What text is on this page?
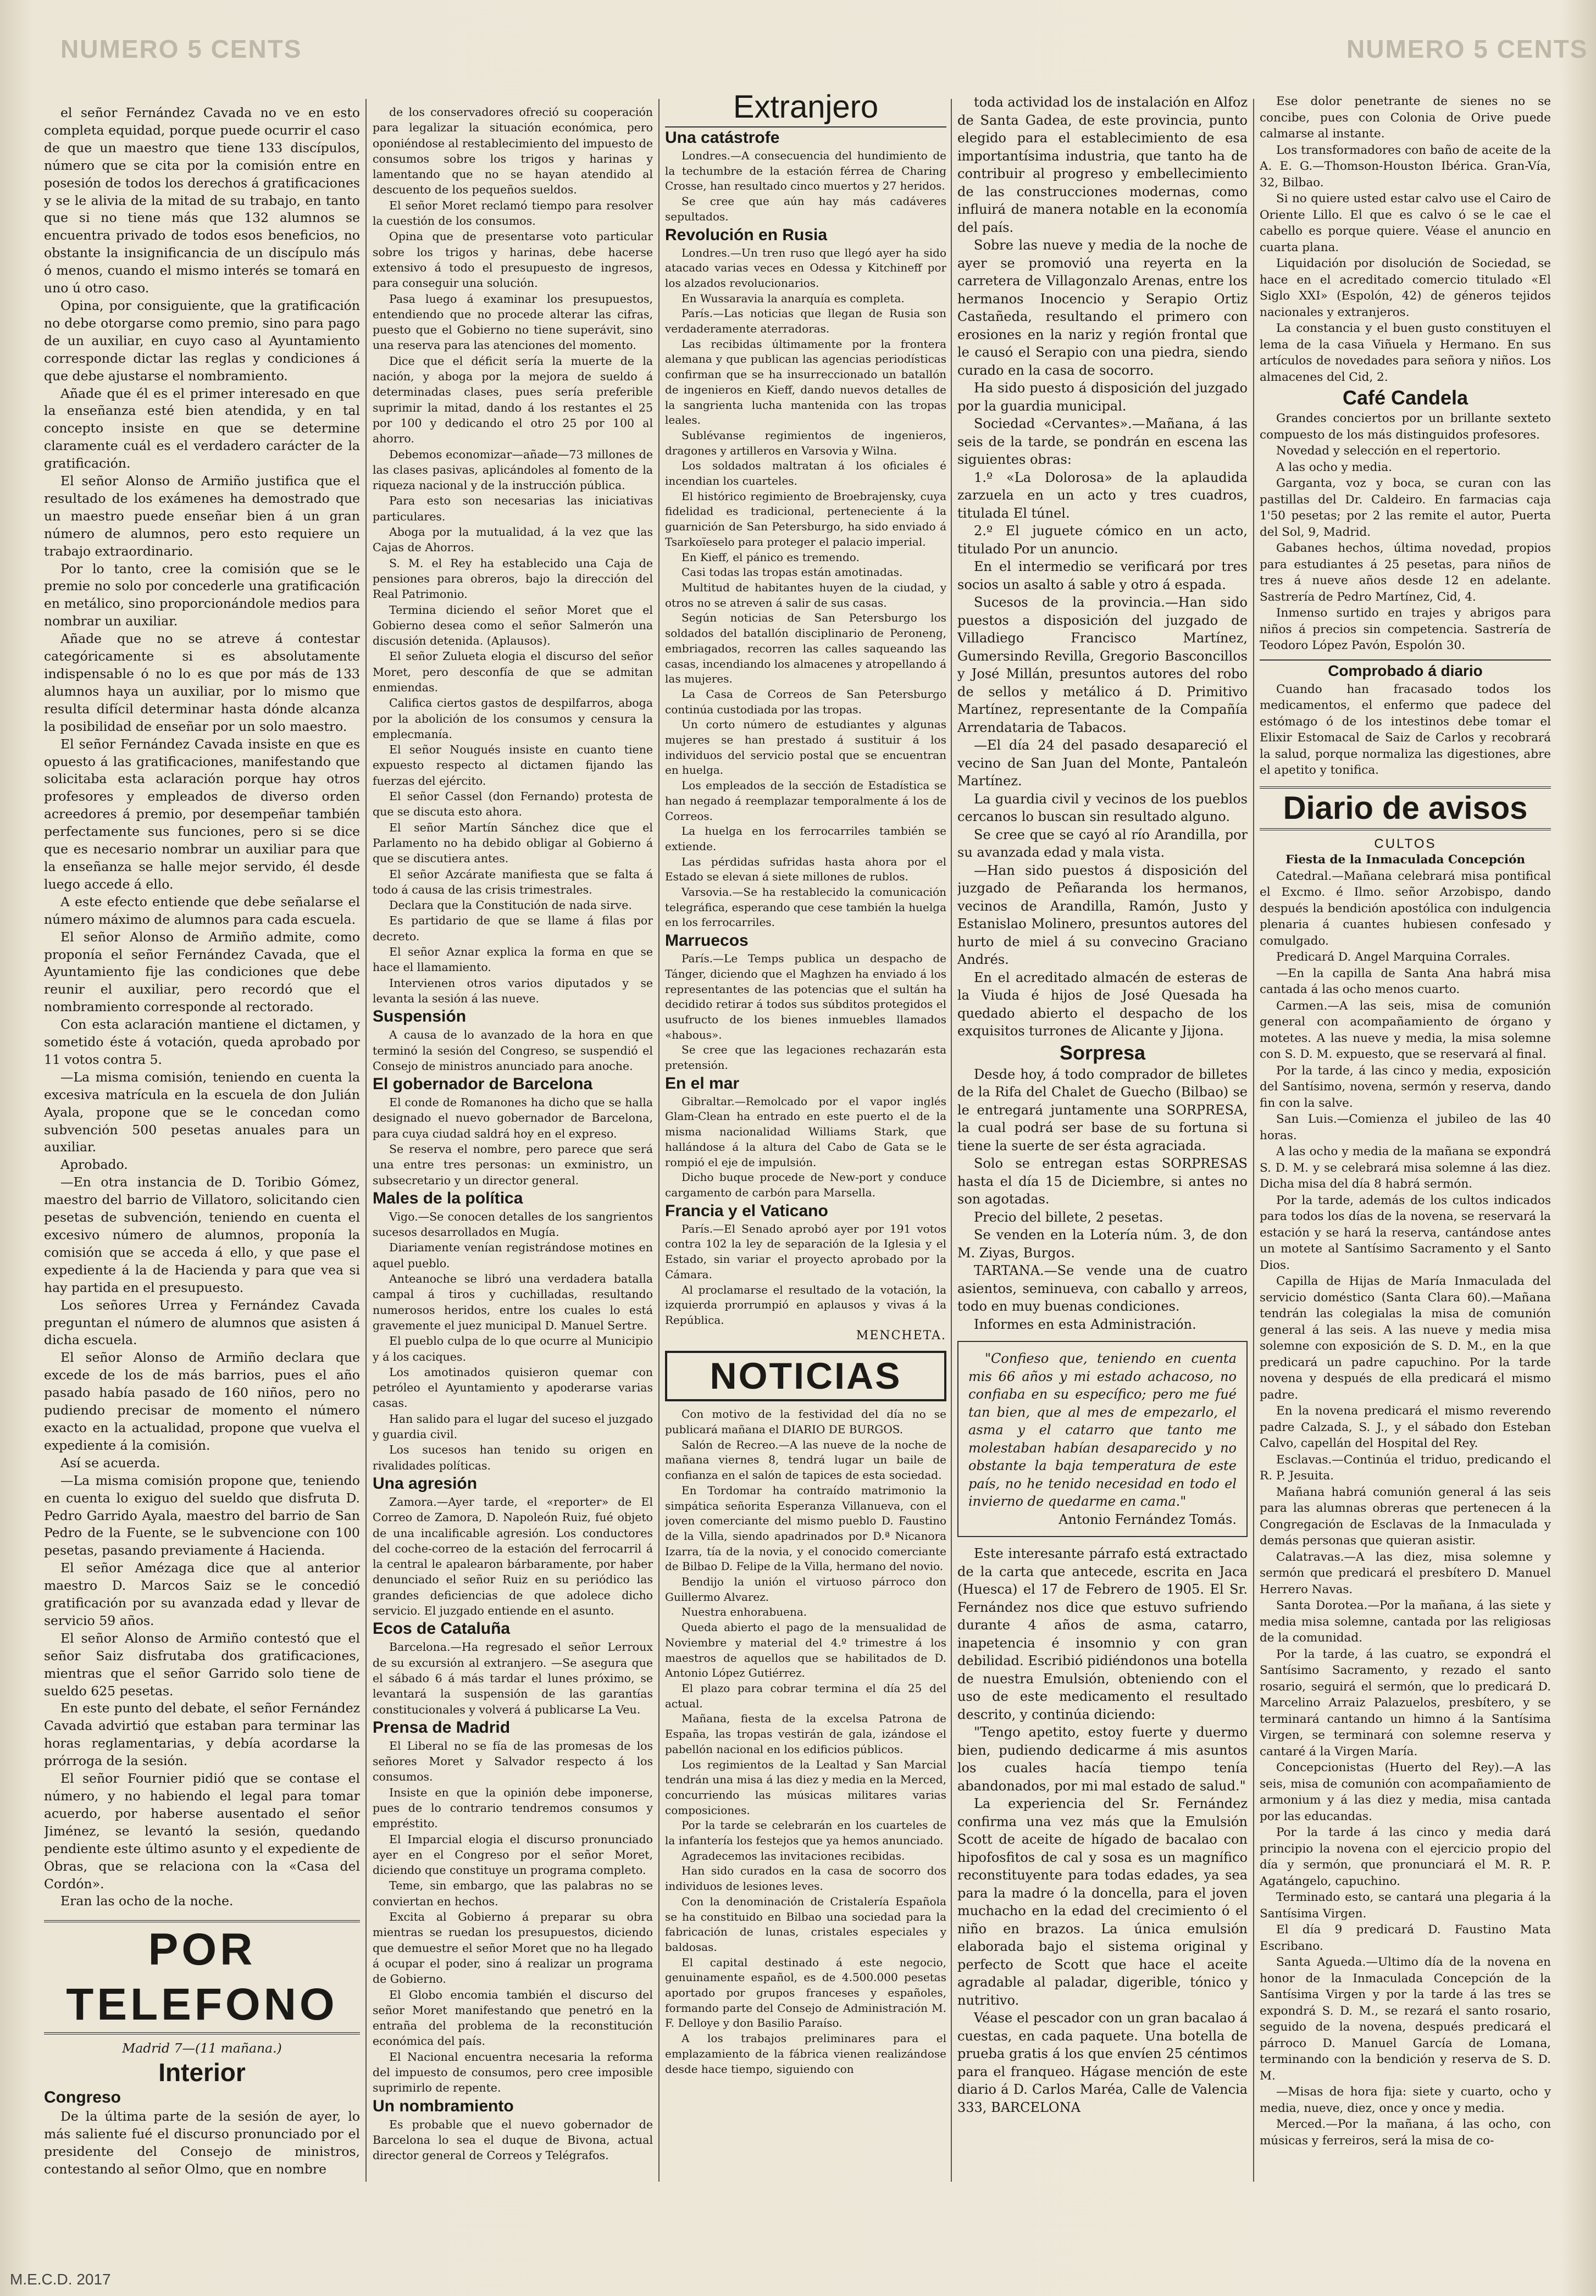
NUMERO 5 CENTS	NUMERO 5 CENTS

el señor Fernández Cavada no ve en esto completa equidad, porque puede ocurrir el caso de que un maestro que tiene 133 discípulos, número que se cita por la comisión entre en posesión de todos los derechos á gratificaciones y se le alivia de la mitad de su trabajo, en tanto que si no tiene más que 132 alumnos se encuentra privado de todos esos beneficios, no obstante la insignificancia de un discípulo más ó menos, cuando el mismo interés se tomará en uno ú otro caso.

Opina, por consiguiente, que la gratificación no debe otorgarse como premio, sino para pago de un auxiliar, en cuyo caso al Ayuntamiento corresponde dictar las reglas y condiciones á que debe ajustarse el nombramiento.

Añade que él es el primer interesado en que la enseñanza esté bien atendida, y en tal concepto insiste en que se determine claramente cuál es el verdadero carácter de la gratificación.

El señor Alonso de Armiño justifica que el resultado de los exámenes ha demostrado que un maestro puede enseñar bien á un gran número de alumnos, pero esto requiere un trabajo extraordinario.

Por lo tanto, cree la comisión que se le premie no solo por concederle una gratificación en metálico, sino proporcionándole medios para nombrar un auxiliar.

Añade que no se atreve á contestar categóricamente si es absolutamente indispensable ó no lo es que por más de 133 alumnos haya un auxiliar, por lo mismo que resulta difícil determinar hasta dónde alcanza la posibilidad de enseñar por un solo maestro.

El señor Fernández Cavada insiste en que es opuesto á las gratificaciones, manifestando que solicitaba esta aclaración porque hay otros profesores y empleados de diverso orden acreedores á premio, por desempeñar también perfectamente sus funciones, pero si se dice que es necesario nombrar un auxiliar para que la enseñanza se halle mejor servido, él desde luego accede á ello.

A este efecto entiende que debe señalarse el número máximo de alumnos para cada escuela.

El señor Alonso de Armiño admite, como proponía el señor Fernández Cavada, que el Ayuntamiento fije las condiciones que debe reunir el auxiliar, pero recordó que el nombramiento corresponde al rectorado.

Con esta aclaración mantiene el dictamen, y sometido éste á votación, queda aprobado por 11 votos contra 5.

—La misma comisión, teniendo en cuenta la excesiva matrícula en la escuela de don Julián Ayala, propone que se le concedan como subvención 500 pesetas anuales para un auxiliar.

Aprobado.

—En otra instancia de D. Toribio Gómez, maestro del barrio de Villatoro, solicitando cien pesetas de subvención, teniendo en cuenta el excesivo número de alumnos, proponía la comisión que se acceda á ello, y que pase el expediente á la de Hacienda y para que vea si hay partida en el presupuesto.

Los señores Urrea y Fernández Cavada preguntan el número de alumnos que asisten á dicha escuela.

El señor Alonso de Armiño declara que excede de los de más barrios, pues el año pasado había pasado de 160 niños, pero no pudiendo precisar de momento el número exacto en la actualidad, propone que vuelva el expediente á la comisión.

Así se acuerda.

—La misma comisión propone que, teniendo en cuenta lo exiguo del sueldo que disfruta D. Pedro Garrido Ayala, maestro del barrio de San Pedro de la Fuente, se le subvencione con 100 pesetas, pasando previamente á Hacienda.

El señor Amézaga dice que al anterior maestro D. Marcos Saiz se le concedió gratificación por su avanzada edad y llevar de servicio 59 años.

El señor Alonso de Armiño contestó que el señor Saiz disfrutaba dos gratificaciones, mientras que el señor Garrido solo tiene de sueldo 625 pesetas.

En este punto del debate, el señor Fernández Cavada advirtió que estaban para terminar las horas reglamentarias, y debía acordarse la prórroga de la sesión.

El señor Fournier pidió que se contase el número, y no habiendo el legal para tomar acuerdo, por haberse ausentado el señor Jiménez, se levantó la sesión, quedando pendiente este último asunto y el expediente de Obras, que se relaciona con la «Casa del Cordón».

Eran las ocho de la noche.

POR TELEFONO

Madrid 7—(11 mañana.)

Interior

Congreso

De la última parte de la sesión de ayer, lo más saliente fué el discurso pronunciado por el presidente del Consejo de ministros, contestando al señor Olmo, que en nombre

de los conservadores ofreció su cooperación para legalizar la situación económica, pero oponiéndose al restablecimiento del impuesto de consumos sobre los trigos y harinas y lamentando que no se hayan atendido al descuento de los pequeños sueldos.

El señor Moret reclamó tiempo para resolver la cuestión de los consumos.

Opina que de presentarse voto particular sobre los trigos y harinas, debe hacerse extensivo á todo el presupuesto de ingresos, para conseguir una solución.

Pasa luego á examinar los presupuestos, entendiendo que no procede alterar las cifras, puesto que el Gobierno no tiene superávit, sino una reserva para las atenciones del momento.

Dice que el déficit sería la muerte de la nación, y aboga por la mejora de sueldo á determinadas clases, pues sería preferible suprimir la mitad, dando á los restantes el 25 por 100 y dedicando el otro 25 por 100 al ahorro.

Debemos economizar—añade—73 millones de las clases pasivas, aplicándoles al fomento de la riqueza nacional y de la instrucción pública.

Para esto son necesarias las iniciativas particulares.

Aboga por la mutualidad, á la vez que las Cajas de Ahorros.

S. M. el Rey ha establecido una Caja de pensiones para obreros, bajo la dirección del Real Patrimonio.

Termina diciendo el señor Moret que el Gobierno desea como el señor Salmerón una discusión detenida. (Aplausos).

El señor Zulueta elogia el discurso del señor Moret, pero desconfía de que se admitan enmiendas.

Califica ciertos gastos de despilfarros, aboga por la abolición de los consumos y censura la emplecmanía.

El señor Nougués insiste en cuanto tiene expuesto respecto al dictamen fijando las fuerzas del ejército.

El señor Cassel (don Fernando) protesta de que se discuta esto ahora.

El señor Martín Sánchez dice que el Parlamento no ha debido obligar al Gobierno á que se discutiera antes.

El señor Azcárate manifiesta que se falta á todo á causa de las crisis trimestrales.

Declara que la Constitución de nada sirve.

Es partidario de que se llame á filas por decreto.

El señor Aznar explica la forma en que se hace el llamamiento.

Intervienen otros varios diputados y se levanta la sesión á las nueve.

Suspensión

A causa de lo avanzado de la hora en que terminó la sesión del Congreso, se suspendió el Consejo de ministros anunciado para anoche.

El gobernador de Barcelona

El conde de Romanones ha dicho que se halla designado el nuevo gobernador de Barcelona, para cuya ciudad saldrá hoy en el expreso.

Se reserva el nombre, pero parece que será una entre tres personas: un exministro, un subsecretario y un director general.

Males de la política

Vigo.—Se conocen detalles de los sangrientos sucesos desarrollados en Mugía.

Diariamente venían registrándose motines en aquel pueblo.

Anteanoche se libró una verdadera batalla campal á tiros y cuchilladas, resultando numerosos heridos, entre los cuales lo está gravemente el juez municipal D. Manuel Sertre.

El pueblo culpa de lo que ocurre al Municipio y á los caciques.

Los amotinados quisieron quemar con petróleo el Ayuntamiento y apoderarse varias casas.

Han salido para el lugar del suceso el juzgado y guardia civil.

Los sucesos han tenido su origen en rivalidades políticas.

Una agresión

Zamora.—Ayer tarde, el «reporter» de El Correo de Zamora, D. Napoleón Ruiz, fué objeto de una incalificable agresión. Los conductores del coche-correo de la estación del ferrocarril á la central le apalearon bárbaramente, por haber denunciado el señor Ruiz en su periódico las grandes deficiencias de que adolece dicho servicio. El juzgado entiende en el asunto.

Ecos de Cataluña

Barcelona.—Ha regresado el señor Lerroux de su excursión al extranjero. —Se asegura que el sábado 6 á más tardar el lunes próximo, se levantará la suspensión de las garantías constitucionales y volverá á publicarse La Veu.

Prensa de Madrid

El Liberal no se fía de las promesas de los señores Moret y Salvador respecto á los consumos.

Insiste en que la opinión debe imponerse, pues de lo contrario tendremos consumos y empréstito.

El Imparcial elogia el discurso pronunciado ayer en el Congreso por el señor Moret, diciendo que constituye un programa completo.

Teme, sin embargo, que las palabras no se conviertan en hechos.

Excita al Gobierno á preparar su obra mientras se ruedan los presupuestos, diciendo que demuestre el señor Moret que no ha llegado á ocupar el poder, sino á realizar un programa de Gobierno.

El Globo encomia también el discurso del señor Moret manifestando que penetró en la entraña del problema de la reconstitución económica del país.

El Nacional encuentra necesaria la reforma del impuesto de consumos, pero cree imposible suprimirlo de repente.

Un nombramiento

Es probable que el nuevo gobernador de Barcelona lo sea el duque de Bivona, actual director general de Correos y Telégrafos.

Extranjero

Una catástrofe

Londres.—A consecuencia del hundimiento de la techumbre de la estación férrea de Charing Crosse, han resultado cinco muertos y 27 heridos.

Se cree que aún hay más cadáveres sepultados.

Revolución en Rusia

Londres.—Un tren ruso que llegó ayer ha sido atacado varias veces en Odessa y Kitchineff por los alzados revolucionarios.

En Wussaravia la anarquía es completa.

París.—Las noticias que llegan de Rusia son verdaderamente aterradoras.

Las recibidas últimamente por la frontera alemana y que publican las agencias periodísticas confirman que se ha insurreccionado un batallón de ingenieros en Kieff, dando nuevos detalles de la sangrienta lucha mantenida con las tropas leales.

Sublévanse regimientos de ingenieros, dragones y artilleros en Varsovia y Wilna.

Los soldados maltratan á los oficiales é incendian los cuarteles.

El histórico regimiento de Broebrajensky, cuya fidelidad es tradicional, perteneciente á la guarnición de San Petersburgo, ha sido enviado á Tsarkoïeselo para proteger el palacio imperial.

En Kieff, el pánico es tremendo.

Casi todas las tropas están amotinadas.

Multitud de habitantes huyen de la ciudad, y otros no se atreven á salir de sus casas.

Según noticias de San Petersburgo los soldados del batallón disciplinario de Peroneng, embriagados, recorren las calles saqueando las casas, incendiando los almacenes y atropellando á las mujeres.

La Casa de Correos de San Petersburgo continúa custodiada por las tropas.

Un corto número de estudiantes y algunas mujeres se han prestado á sustituir á los individuos del servicio postal que se encuentran en huelga.

Los empleados de la sección de Estadística se han negado á reemplazar temporalmente á los de Correos.

La huelga en los ferrocarriles también se extiende.

Las pérdidas sufridas hasta ahora por el Estado se elevan á siete millones de rublos.

Varsovia.—Se ha restablecido la comunicación telegráfica, esperando que cese también la huelga en los ferrocarriles.

Marruecos

París.—Le Temps publica un despacho de Tánger, diciendo que el Maghzen ha enviado á los representantes de las potencias que el sultán ha decidido retirar á todos sus súbditos protegidos el usufructo de los bienes inmuebles llamados «habous».

Se cree que las legaciones rechazarán esta pretensión.

En el mar

Gibraltar.—Remolcado por el vapor inglés Glam-Clean ha entrado en este puerto el de la misma nacionalidad Williams Stark, que hallándose á la altura del Cabo de Gata se le rompió el eje de impulsión.

Dicho buque procede de New-port y conduce cargamento de carbón para Marsella.

Francia y el Vaticano

París.—El Senado aprobó ayer por 191 votos contra 102 la ley de separación de la Iglesia y el Estado, sin variar el proyecto aprobado por la Cámara.

Al proclamarse el resultado de la votación, la izquierda prorrumpió en aplausos y vivas á la República.

MENCHETA.

NOTICIAS

Con motivo de la festividad del día no se publicará mañana el DIARIO DE BURGOS.

Salón de Recreo.—A las nueve de la noche de mañana viernes 8, tendrá lugar un baile de confianza en el salón de tapices de esta sociedad.

En Tordomar ha contraído matrimonio la simpática señorita Esperanza Villanueva, con el joven comerciante del mismo pueblo D. Faustino de la Villa, siendo apadrinados por D.ª Nicanora Izarra, tía de la novia, y el conocido comerciante de Bilbao D. Felipe de la Villa, hermano del novio.

Bendijo la unión el virtuoso párroco don Guillermo Alvarez.

Nuestra enhorabuena.

Queda abierto el pago de la mensualidad de Noviembre y material del 4.º trimestre á los maestros de aquellos que se habilitados de D. Antonio López Gutiérrez.

El plazo para cobrar termina el día 25 del actual.

Mañana, fiesta de la excelsa Patrona de España, las tropas vestirán de gala, izándose el pabellón nacional en los edificios públicos.

Los regimientos de la Lealtad y San Marcial tendrán una misa á las diez y media en la Merced, concurriendo las músicas militares varias composiciones.

Por la tarde se celebrarán en los cuarteles de la infantería los festejos que ya hemos anunciado.

Agradecemos las invitaciones recibidas.

Han sido curados en la casa de socorro dos individuos de lesiones leves.

Con la denominación de Cristalería Española se ha constituido en Bilbao una sociedad para la fabricación de lunas, cristales especiales y baldosas.

El capital destinado á este negocio, genuinamente español, es de 4.500.000 pesetas aportado por grupos franceses y españoles, formando parte del Consejo de Administración M. F. Delloye y don Basilio Paraíso.

A los trabajos preliminares para el emplazamiento de la fábrica vienen realizándose desde hace tiempo, siguiendo con

toda actividad los de instalación en Alfoz de Santa Gadea, de este provincia, punto elegido para el establecimiento de esa importantísima industria, que tanto ha de contribuir al progreso y embellecimiento de las construcciones modernas, como influirá de manera notable en la economía del país.

Sobre las nueve y media de la noche de ayer se promovió una reyerta en la carretera de Villagonzalo Arenas, entre los hermanos Inocencio y Serapio Ortiz Castañeda, resultando el primero con erosiones en la nariz y región frontal que le causó el Serapio con una piedra, siendo curado en la casa de socorro.

Ha sido puesto á disposición del juzgado por la guardia municipal.

Sociedad «Cervantes».—Mañana, á las seis de la tarde, se pondrán en escena las siguientes obras:

1.º «La Dolorosa» de la aplaudida zarzuela en un acto y tres cuadros, titulada El túnel.

2.º El juguete cómico en un acto, titulado Por un anuncio.

En el intermedio se verificará por tres socios un asalto á sable y otro á espada.

Sucesos de la provincia.—Han sido puestos a disposición del juzgado de Villadiego Francisco Martínez, Gumersindo Revilla, Gregorio Basconcillos y José Millán, presuntos autores del robo de sellos y metálico á D. Primitivo Martínez, representante de la Compañía Arrendataria de Tabacos.

—El día 24 del pasado desapareció el vecino de San Juan del Monte, Pantaleón Martínez.

La guardia civil y vecinos de los pueblos cercanos lo buscan sin resultado alguno.

Se cree que se cayó al río Arandilla, por su avanzada edad y mala vista.

—Han sido puestos á disposición del juzgado de Peñaranda los hermanos, vecinos de Arandilla, Ramón, Justo y Estanislao Molinero, presuntos autores del hurto de miel á su convecino Graciano Andrés.

En el acreditado almacén de esteras de la Viuda é hijos de José Quesada ha quedado abierto el despacho de los exquisitos turrones de Alicante y Jijona.

Sorpresa

Desde hoy, á todo comprador de billetes de la Rifa del Chalet de Guecho (Bilbao) se le entregará juntamente una SORPRESA, la cual podrá ser base de su fortuna si tiene la suerte de ser ésta agraciada.

Solo se entregan estas SORPRESAS hasta el día 15 de Diciembre, si antes no son agotadas.

Precio del billete, 2 pesetas.

Se venden en la Lotería núm. 3, de don M. Ziyas, Burgos.

TARTANA.—Se vende una de cuatro asientos, seminueva, con caballo y arreos, todo en muy buenas condiciones.

Informes en esta Administración.

"Confieso que, teniendo en cuenta mis 66 años y mi estado achacoso, no confiaba en su específico; pero me fué tan bien, que al mes de empezarlo, el asma y el catarro que tanto me molestaban habían desaparecido y no obstante la baja temperatura de este país, no he tenido necesidad en todo el invierno de quedarme en cama."

Antonio Fernández Tomás.

Este interesante párrafo está extractado de la carta que antecede, escrita en Jaca (Huesca) el 17 de Febrero de 1905. El Sr. Fernández nos dice que estuvo sufriendo durante 4 años de asma, catarro, inapetencia é insomnio y con gran debilidad. Escribió pidiéndonos una botella de nuestra Emulsión, obteniendo con el uso de este medicamento el resultado descrito, y continúa diciendo:

"Tengo apetito, estoy fuerte y duermo bien, pudiendo dedicarme á mis asuntos los cuales hacía tiempo tenía abandonados, por mi mal estado de salud."

La experiencia del Sr. Fernández confirma una vez más que la Emulsión Scott de aceite de hígado de bacalao con hipofosfitos de cal y sosa es un magnífico reconstituyente para todas edades, ya sea para la madre ó la doncella, para el joven muchacho en la edad del crecimiento ó el niño en brazos. La única emulsión elaborada bajo el sistema original y perfecto de Scott que hace el aceite agradable al paladar, digerible, tónico y nutritivo.

Véase el pescador con un gran bacalao á cuestas, en cada paquete. Una botella de prueba gratis á los que envíen 25 céntimos para el franqueo. Hágase mención de este diario á D. Carlos Maréa, Calle de Valencia 333, BARCELONA

Ese dolor penetrante de sienes no se concibe, pues con Colonia de Orive puede calmarse al instante.

Los transformadores con baño de aceite de la A. E. G.—Thomson-Houston Ibérica. Gran-Vía, 32, Bilbao.

Si no quiere usted estar calvo use el Cairo de Oriente Lillo. El que es calvo ó se le cae el cabello es porque quiere. Véase el anuncio en cuarta plana.

Liquidación por disolución de Sociedad, se hace en el acreditado comercio titulado «El Siglo XXI» (Espolón, 42) de géneros tejidos nacionales y extranjeros.

La constancia y el buen gusto constituyen el lema de la casa Viñuela y Hermano. En sus artículos de novedades para señora y niños. Los almacenes del Cid, 2.

Café Candela

Grandes conciertos por un brillante sexteto compuesto de los más distinguidos profesores.

Novedad y selección en el repertorio.

A las ocho y media.

Garganta, voz y boca, se curan con las pastillas del Dr. Caldeiro. En farmacias caja 1'50 pesetas; por 2 las remite el autor, Puerta del Sol, 9, Madrid.

Gabanes hechos, última novedad, propios para estudiantes á 25 pesetas, para niños de tres á nueve años desde 12 en adelante. Sastrería de Pedro Martínez, Cid, 4.

Inmenso surtido en trajes y abrigos para niños á precios sin competencia. Sastrería de Teodoro López Pavón, Espolón 30.

Comprobado á diario

Cuando han fracasado todos los medicamentos, el enfermo que padece del estómago ó de los intestinos debe tomar el Elixir Estomacal de Saiz de Carlos y recobrará la salud, porque normaliza las digestiones, abre el apetito y tonifica.

Diario de avisos

CULTOS

Fiesta de la Inmaculada Concepción

Catedral.—Mañana celebrará misa pontifical el Excmo. é Ilmo. señor Arzobispo, dando después la bendición apostólica con indulgencia plenaria á cuantes hubiesen confesado y comulgado.

Predicará D. Angel Marquina Corrales.

—En la capilla de Santa Ana habrá misa cantada á las ocho menos cuarto.

Carmen.—A las seis, misa de comunión general con acompañamiento de órgano y motetes. A las nueve y media, la misa solemne con S. D. M. expuesto, que se reservará al final.

Por la tarde, á las cinco y media, exposición del Santísimo, novena, sermón y reserva, dando fin con la salve.

San Luis.—Comienza el jubileo de las 40 horas.

A las ocho y media de la mañana se expondrá S. D. M. y se celebrará misa solemne á las diez. Dicha misa del día 8 habrá sermón.

Por la tarde, además de los cultos indicados para todos los días de la novena, se reservará la estación y se hará la reserva, cantándose antes un motete al Santísimo Sacramento y el Santo Dios.

Capilla de Hijas de María Inmaculada del servicio doméstico (Santa Clara 60).—Mañana tendrán las colegialas la misa de comunión general á las seis. A las nueve y media misa solemne con exposición de S. D. M., en la que predicará un padre capuchino. Por la tarde novena y después de ella predicará el mismo padre.

En la novena predicará el mismo reverendo padre Calzada, S. J., y el sábado don Esteban Calvo, capellán del Hospital del Rey.

Esclavas.—Continúa el triduo, predicando el R. P. Jesuita.

Mañana habrá comunión general á las seis para las alumnas obreras que pertenecen á la Congregación de Esclavas de la Inmaculada y demás personas que quieran asistir.

Calatravas.—A las diez, misa solemne y sermón que predicará el presbítero D. Manuel Herrero Navas.

Santa Dorotea.—Por la mañana, á las siete y media misa solemne, cantada por las religiosas de la comunidad.

Por la tarde, á las cuatro, se expondrá el Santísimo Sacramento, y rezado el santo rosario, seguirá el sermón, que lo predicará D. Marcelino Arraiz Palazuelos, presbítero, y se terminará cantando un himno á la Santísima Virgen, se terminará con solemne reserva y cantaré á la Virgen María.

Concepcionistas (Huerto del Rey).—A las seis, misa de comunión con acompañamiento de armonium y á las diez y media, misa cantada por las educandas.

Por la tarde á las cinco y media dará principio la novena con el ejercicio propio del día y sermón, que pronunciará el M. R. P. Agatángelo, capuchino.

Terminado esto, se cantará una plegaria á la Santísima Virgen.

El día 9 predicará D. Faustino Mata Escribano.

Santa Agueda.—Ultimo día de la novena en honor de la Inmaculada Concepción de la Santísima Virgen y por la tarde á las tres se expondrá S. D. M., se rezará el santo rosario, seguido de la novena, después predicará el párroco D. Manuel García de Lomana, terminando con la bendición y reserva de S. D. M.

—Misas de hora fija: siete y cuarto, ocho y media, nueve, diez, once y once y media.

Merced.—Por la mañana, á las ocho, con músicas y ferreiros, será la misa de co-

M.E.C.D. 2017
